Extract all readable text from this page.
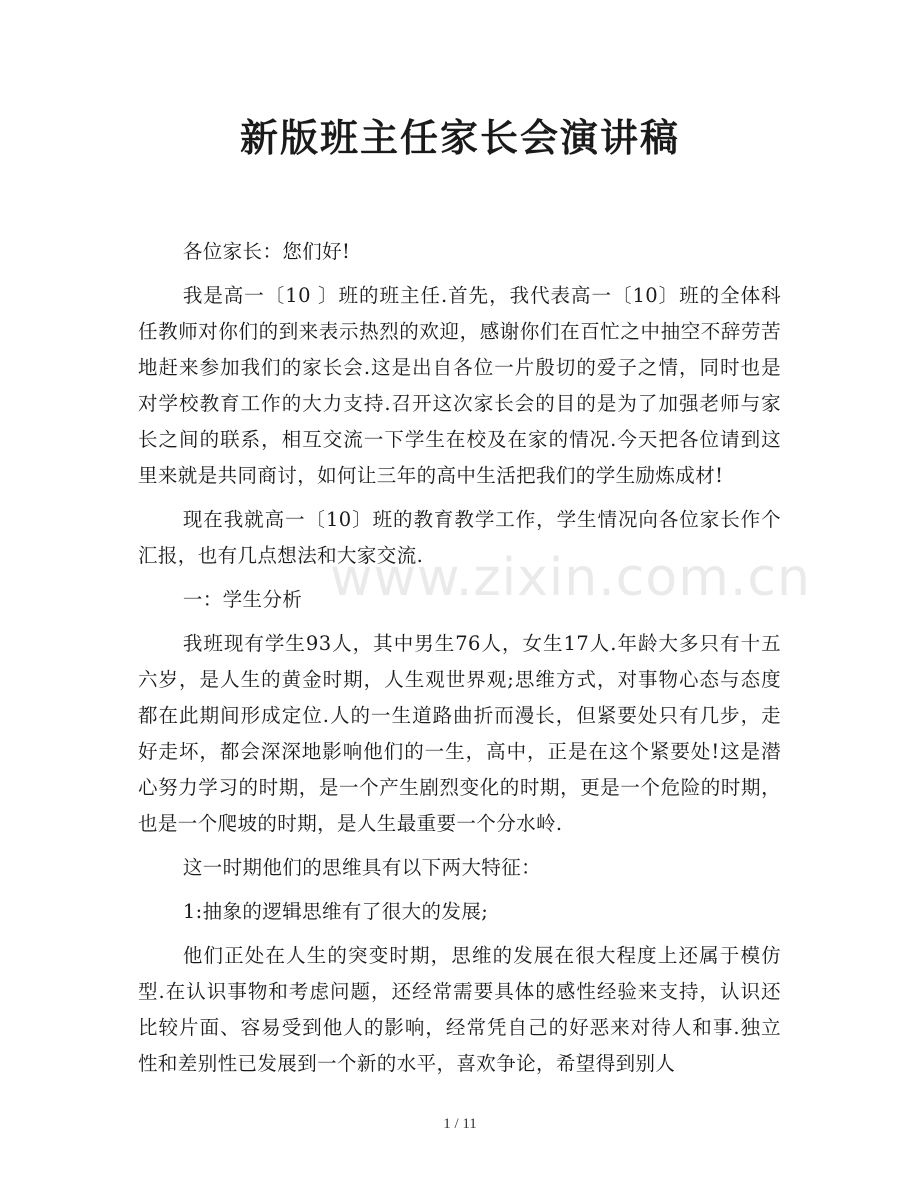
新版班主任家长会演讲稿

各位家长：您们好!

我是高一〔10 〕班的班主任.首先，我代表高一〔10〕班的全体科任教师对你们的到来表示热烈的欢迎，感谢你们在百忙之中抽空不辞劳苦地赶来参加我们的家长会.这是出自各位一片殷切的爱子之情，同时也是对学校教育工作的大力支持.召开这次家长会的目的是为了加强老师与家长之间的联系，相互交流一下学生在校及在家的情况.今天把各位请到这里来就是共同商讨，如何让三年的高中生活把我们的学生励炼成材!

现在我就高一〔10〕班的教育教学工作，学生情况向各位家长作个汇报，也有几点想法和大家交流.

一：学生分析

我班现有学生93人，其中男生76人，女生17人.年龄大多只有十五六岁，是人生的黄金时期，人生观世界观;思维方式，对事物心态与态度都在此期间形成定位.人的一生道路曲折而漫长，但紧要处只有几步，走好走坏，都会深深地影响他们的一生，高中，正是在这个紧要处!这是潜心努力学习的时期，是一个产生剧烈变化的时期，更是一个危险的时期，也是一个爬坡的时期，是人生最重要一个分水岭.

这一时期他们的思维具有以下两大特征：

1:抽象的逻辑思维有了很大的发展;

他们正处在人生的突变时期，思维的发展在很大程度上还属于模仿型.在认识事物和考虑问题，还经常需要具体的感性经验来支持，认识还比较片面、容易受到他人的影响，经常凭自己的好恶来对待人和事.独立性和差别性已发展到一个新的水平，喜欢争论，希望得到别人

www.zixin.com.cn
1 / 11
